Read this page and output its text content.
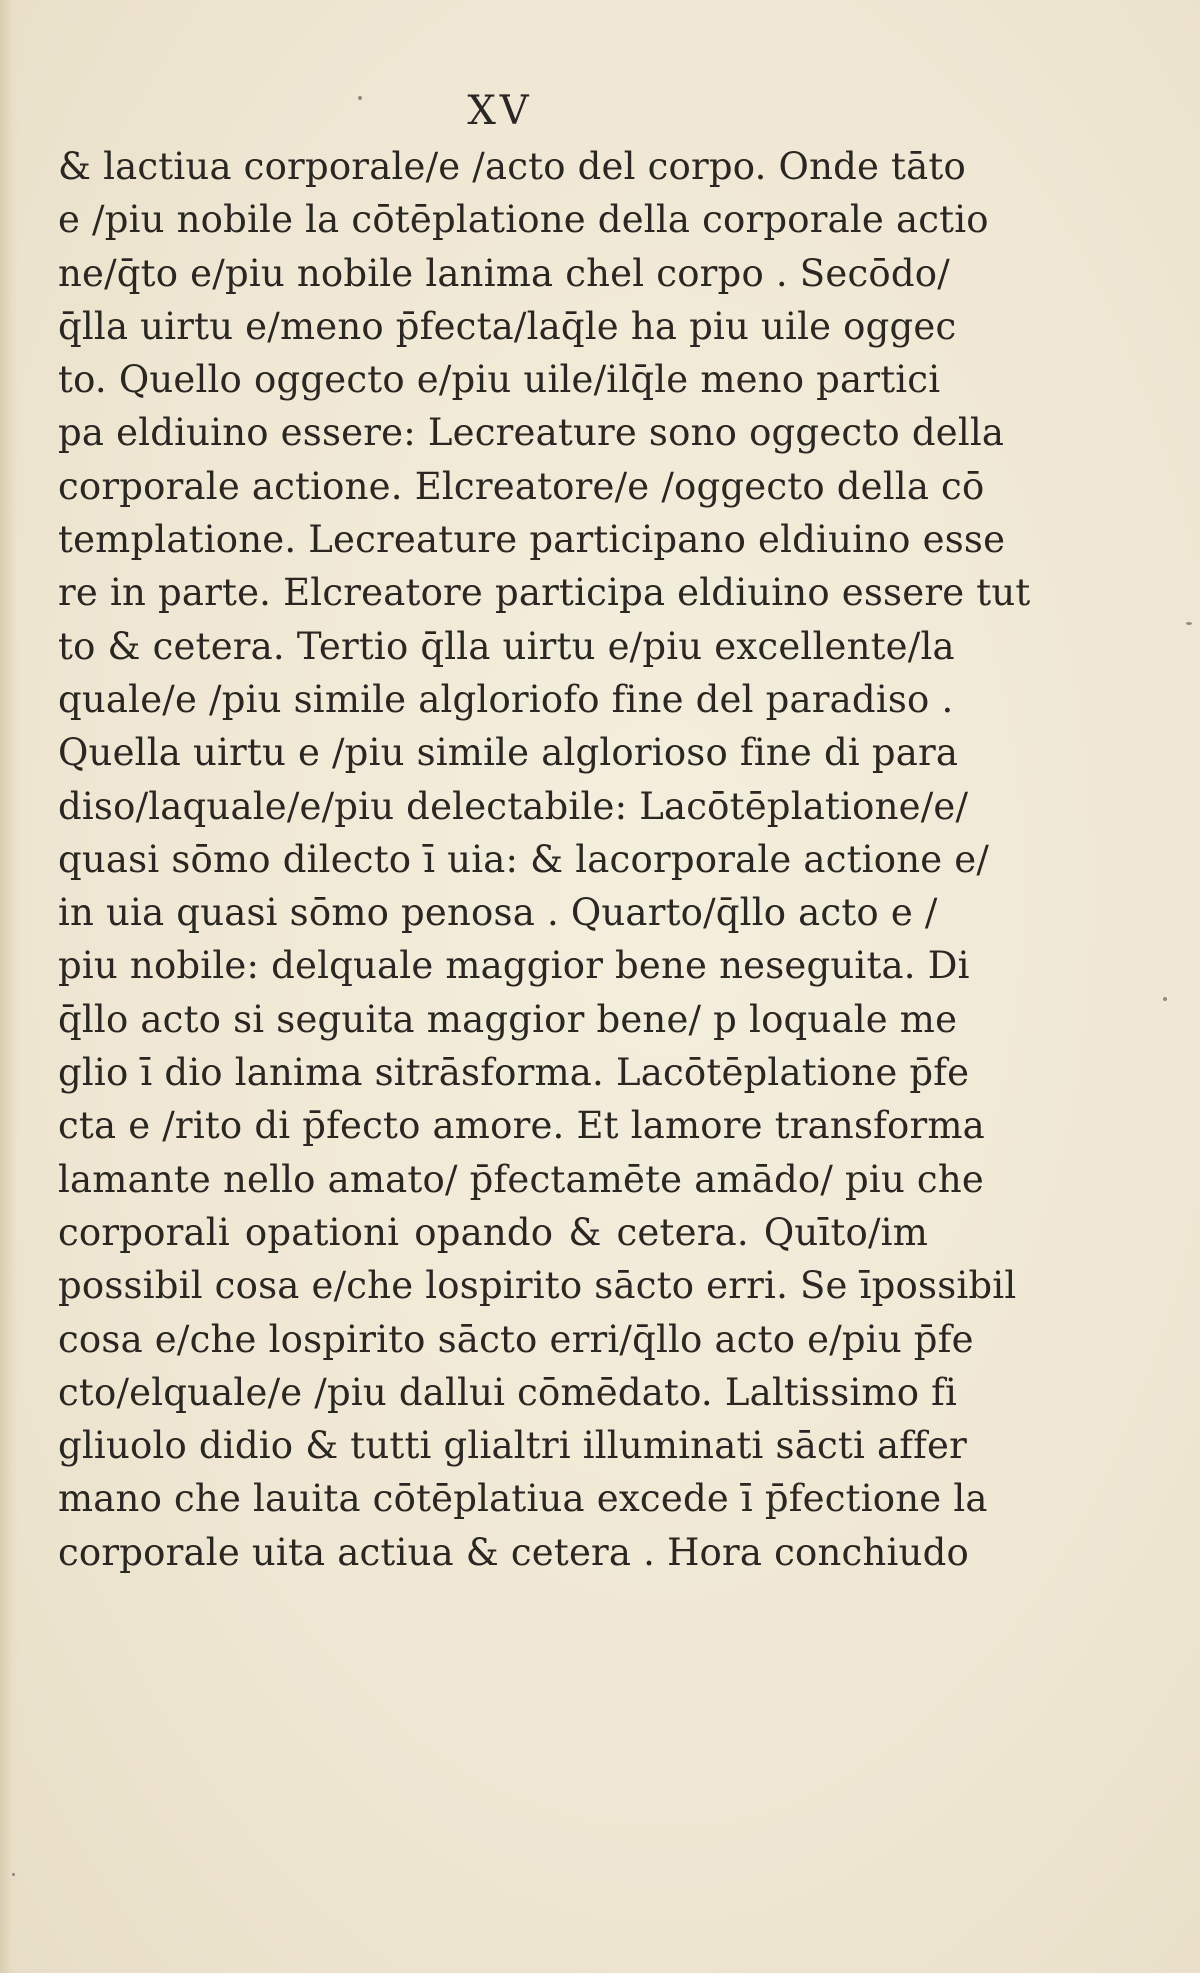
XV
& lactiua corporale/e /acto del corpo. Onde tāto
e /piu nobile la cōtēplatione della corporale actio
ne/q̄to e/piu nobile lanima chel corpo . Secōdo/
q̄lla uirtu e/meno p̄fecta/laq̄le ha piu uile oggec
to. Quello oggecto e/piu uile/ilq̄le meno partici
pa eldiuino essere: Lecreature sono oggecto della
corporale actione. Elcreatore/e /oggecto della cō
templatione. Lecreature participano eldiuino esse
re in parte. Elcreatore participa eldiuino essere tut
to & cetera. Tertio q̄lla uirtu e/piu excellente/la
quale/e /piu simile algloriofo fine del paradiso .
Quella uirtu e /piu simile alglorioso fine di para
diso/laquale/e/piu delectabile: Lacōtēplatione/e/
quasi sōmo dilecto ī uia: & lacorporale actione e/
in uia quasi sōmo penosa . Quarto/q̄llo acto e /
piu nobile: delquale maggior bene neseguita. Di
q̄llo acto si seguita maggior bene/ p loquale me
glio ī dio lanima sitrāsforma. Lacōtēplatione p̄fe
cta e /rito di p̄fecto amore. Et lamore transforma
lamante nello amato/ p̄fectamēte amādo/ piu che
corporali opationi opando & cetera. Quīto/im
possibil cosa e/che lospirito sācto erri. Se īpossibil
cosa e/che lospirito sācto erri/q̄llo acto e/piu p̄fe
cto/elquale/e /piu dallui cōmēdato. Laltissimo fi
gliuolo didio & tutti glialtri illuminati sācti affer
mano che lauita cōtēplatiua excede ī p̄fectione la
corporale uita actiua & cetera . Hora conchiudo
